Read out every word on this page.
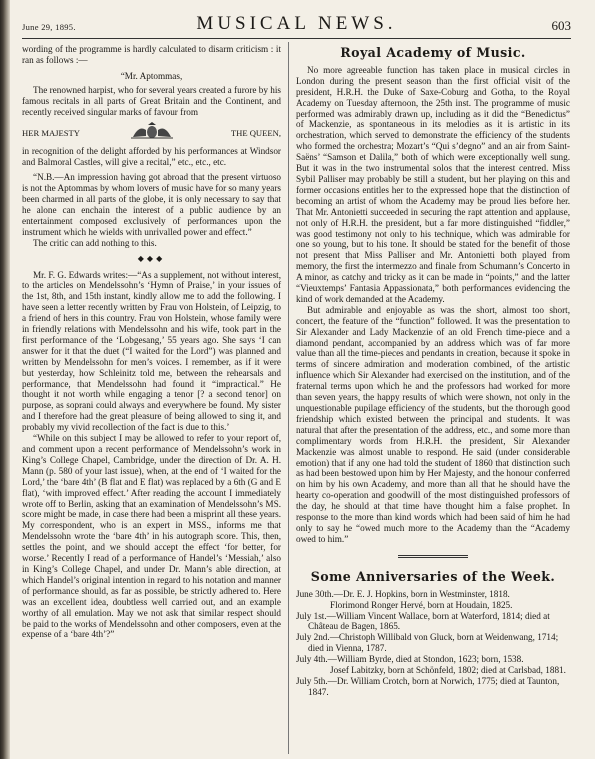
June 29, 1895.	MUSICAL NEWS.	603

wording of the programme is hardly calculated to disarm criticism : it ran as follows :—

“Mr. Aptommas,

The renowned harpist, who for several years created a furore by his famous recitals in all parts of Great Britain and the Continent, and recently received singular marks of favour from

HER MAJESTY	THE QUEEN,

in recognition of the delight afforded by his performances at Windsor and Balmoral Castles, will give a recital,” etc., etc., etc.

“N.B.—An impression having got abroad that the present virtuoso is not the Aptommas by whom lovers of music have for so many years been charmed in all parts of the globe, it is only necessary to say that he alone can enchain the interest of a public audience by an entertainment composed exclusively of performances upon the instrument which he wields with unrivalled power and effect.”

The critic can add nothing to this.

◆◆◆

Mr. F. G. Edwards writes:—“As a supplement, not without interest, to the articles on Mendelssohn’s ‘Hymn of Praise,’ in your issues of the 1st, 8th, and 15th instant, kindly allow me to add the following. I have seen a letter recently written by Frau von Holstein, of Leipzig, to a friend of hers in this country. Frau von Holstein, whose family were in friendly relations with Mendelssohn and his wife, took part in the first performance of the ‘Lobgesang,’ 55 years ago. She says ‘I can answer for it that the duet (“I waited for the Lord”) was planned and written by Mendelssohn for men’s voices. I remember, as if it were but yesterday, how Schleinitz told me, between the rehearsals and performance, that Mendelssohn had found it “impractical.” He thought it not worth while engaging a tenor [? a second tenor] on purpose, as soprani could always and everywhere be found. My sister and I therefore had the great pleasure of being allowed to sing it, and probably my vivid recollection of the fact is due to this.’

“While on this subject I may be allowed to refer to your report of, and comment upon a recent performance of Mendelssohn’s work in King’s College Chapel, Cambridge, under the direction of Dr. A. H. Mann (p. 580 of your last issue), when, at the end of ‘I waited for the Lord,’ the ‘bare 4th’ (B flat and E flat) was replaced by a 6th (G and E flat), ‘with improved effect.’ After reading the account I immediately wrote off to Berlin, asking that an examination of Mendelssohn’s MS. score might be made, in case there had been a misprint all these years. My correspondent, who is an expert in MSS., informs me that Mendelssohn wrote the ‘bare 4th’ in his autograph score. This, then, settles the point, and we should accept the effect ‘for better, for worse.’ Recently I read of a performance of Handel’s ‘Messiah,’ also in King’s College Chapel, and under Dr. Mann’s able direction, at which Handel’s original intention in regard to his notation and manner of performance should, as far as possible, be strictly adhered to. Here was an excellent idea, doubtless well carried out, and an example worthy of all emulation. May we not ask that similar respect should be paid to the works of Mendelssohn and other composers, even at the expense of a ‘bare 4th’?”

Royal Academy of Music.

No more agreeable function has taken place in musical circles in London during the present season than the first official visit of the president, H.R.H. the Duke of Saxe-Coburg and Gotha, to the Royal Academy on Tuesday afternoon, the 25th inst. The programme of music performed was admirably drawn up, including as it did the “Benedictus” of Mackenzie, as spontaneous in its melodies as it is artistic in its orchestration, which served to demonstrate the efficiency of the students who formed the orchestra; Mozart’s “Qui s’degno” and an air from Saint-Saëns’ “Samson et Dalila,” both of which were exceptionally well sung. But it was in the two instrumental solos that the interest centred. Miss Sybil Palliser may probably be still a student, but her playing on this and former occasions entitles her to the expressed hope that the distinction of becoming an artist of whom the Academy may be proud lies before her. That Mr. Antonietti succeeded in securing the rapt attention and applause, not only of H.R.H. the president, but a far more distinguished “fiddler,” was good testimony not only to his technique, which was admirable for one so young, but to his tone. It should be stated for the benefit of those not present that Miss Palliser and Mr. Antonietti both played from memory, the first the intermezzo and finale from Schumann’s Concerto in A minor, as catchy and tricky as it can be made in “points,” and the latter “Vieuxtemps’ Fantasia Appassionata,” both performances evidencing the kind of work demanded at the Academy.

But admirable and enjoyable as was the short, almost too short, concert, the feature of the “function” followed. It was the presentation to Sir Alexander and Lady Mackenzie of an old French time-piece and a diamond pendant, accompanied by an address which was of far more value than all the time-pieces and pendants in creation, because it spoke in terms of sincere admiration and moderation combined, of the artistic influence which Sir Alexander had exercised on the institution, and of the fraternal terms upon which he and the professors had worked for more than seven years, the happy results of which were shown, not only in the unquestionable pupilage efficiency of the students, but the thorough good friendship which existed between the principal and students. It was natural that after the presentation of the address, etc., and some more than complimentary words from H.R.H. the president, Sir Alexander Mackenzie was almost unable to respond. He said (under considerable emotion) that if any one had told the student of 1860 that distinction such as had been bestowed upon him by Her Majesty, and the honour conferred on him by his own Academy, and more than all that he should have the hearty co-operation and goodwill of the most distinguished professors of the day, he should at that time have thought him a false prophet. In response to the more than kind words which had been said of him he had only to say he “owed much more to the Academy than the “Academy owed to him.”

Some Anniversaries of the Week.

June 30th.—Dr. E. J. Hopkins, born in Westminster, 1818.

Florimond Ronger Hervé, born at Houdain, 1825.

July 1st.—William Vincent Wallace, born at Waterford, 1814; died at Château de Bagen, 1865.

July 2nd.—Christoph Willibald von Gluck, born at Weidenwang, 1714; died in Vienna, 1787.

July 4th.—William Byrde, died at Stondon, 1623; born, 1538.

Josef Labitzky, born at Schönfeld, 1802; died at Carlsbad, 1881.

July 5th.—Dr. William Crotch, born at Norwich, 1775; died at Taunton, 1847.
